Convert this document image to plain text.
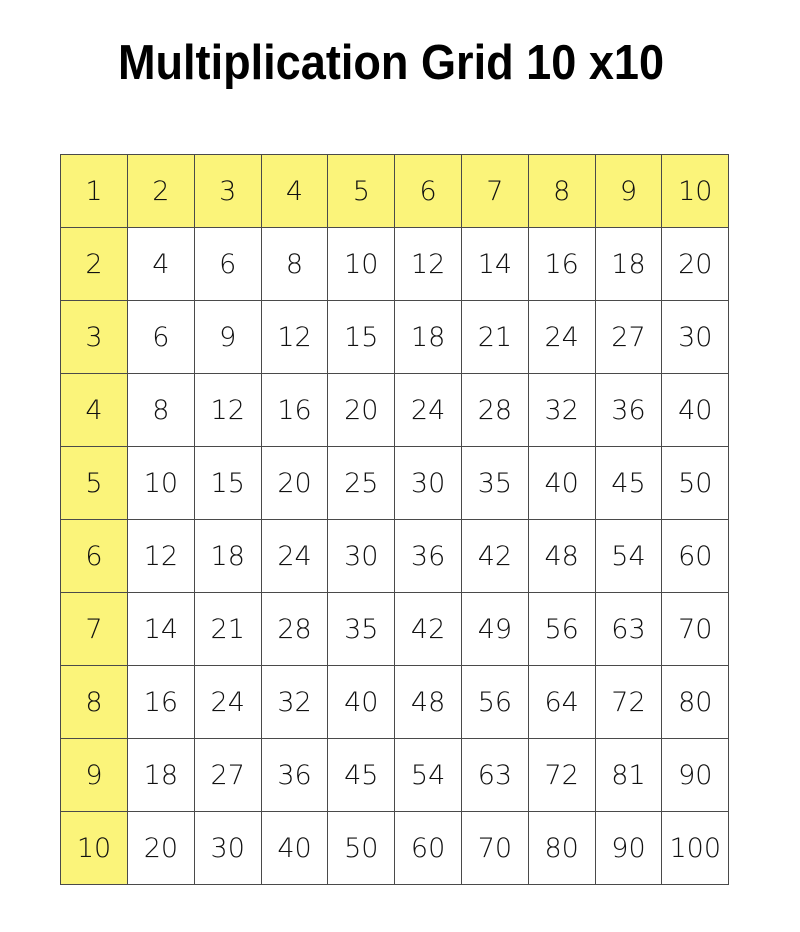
Multiplication Grid 10 x10
1	2	3	4	5	6	7	8	9	10
2	4	6	8	10	12	14	16	18	20
3	6	9	12	15	18	21	24	27	30
4	8	12	16	20	24	28	32	36	40
5	10	15	20	25	30	35	40	45	50
6	12	18	24	30	36	42	48	54	60
7	14	21	28	35	42	49	56	63	70
8	16	24	32	40	48	56	64	72	80
9	18	27	36	45	54	63	72	81	90
10	20	30	40	50	60	70	80	90	100
